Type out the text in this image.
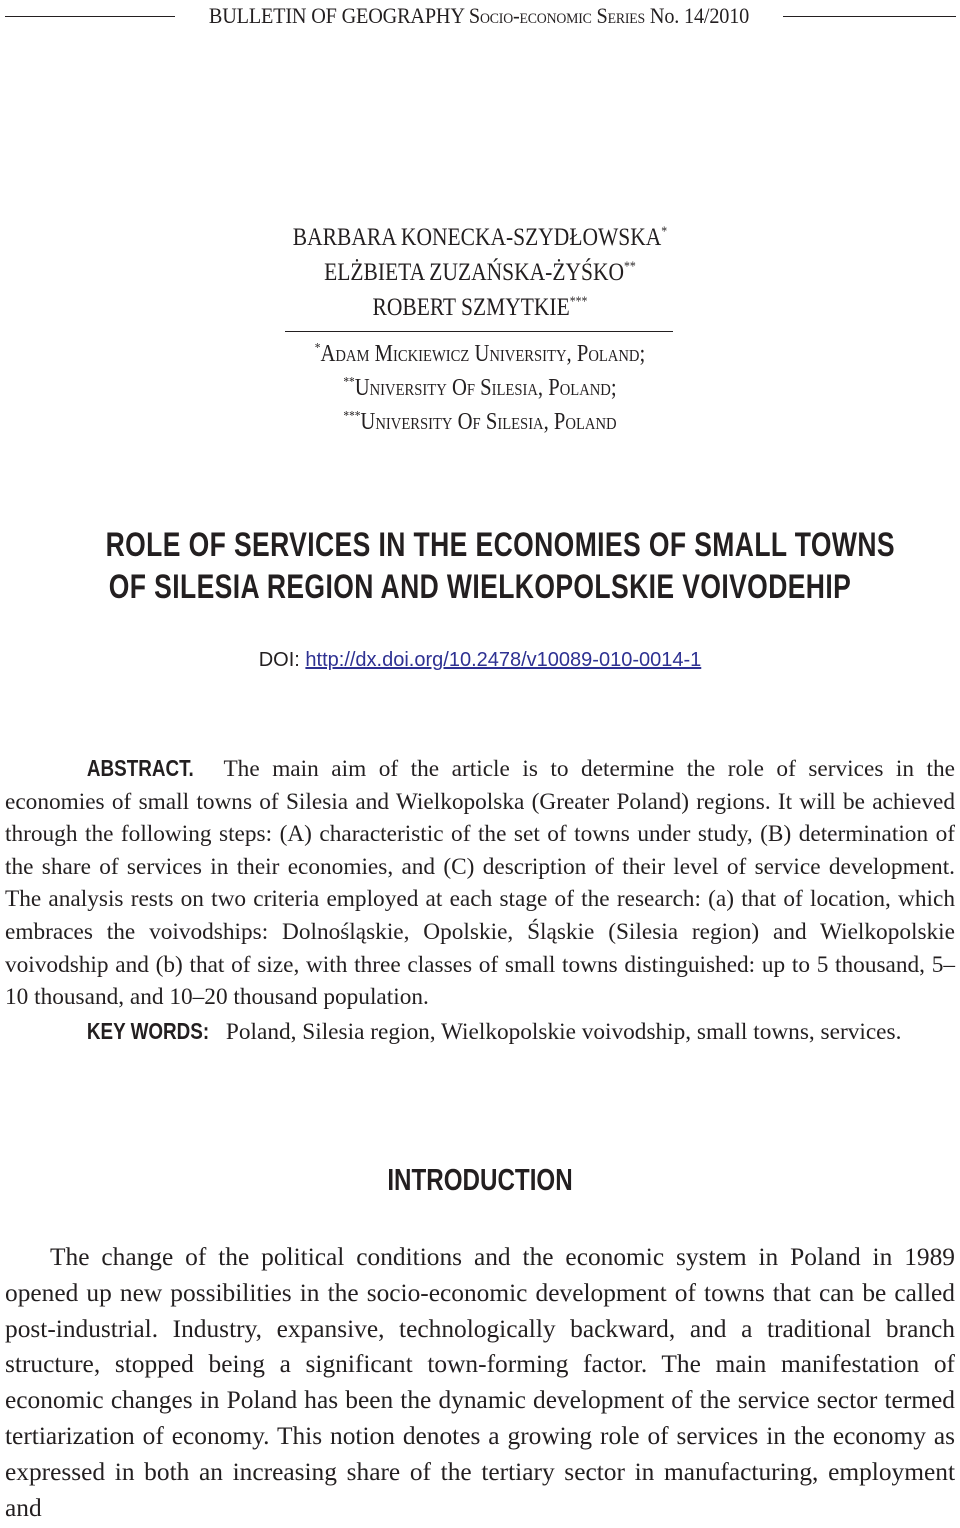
BULLETIN OF GEOGRAPHY Socio-economic Series No. 14/2010
BARBARA KONECKA-SZYDŁOWSKA*
ELŻBIETA ZUZAŃSKA-ŻYŚKO**
ROBERT SZMYTKIE***
*Adam Mickiewicz University, Poland;
**University Of Silesia, Poland;
***University Of Silesia, Poland
ROLE OF SERVICES IN THE ECONOMIES OF SMALL TOWNS
OF SILESIA REGION AND WIELKOPOLSKIE VOIVODEHIP
DOI: http://dx.doi.org/10.2478/v10089-010-0014-1

ABSTRACT. The main aim of the article is to determine the role of services in the economies of small towns of Silesia and Wielkopolska (Greater Poland) regions. It will be achieved through the following steps: (A) characteristic of the set of towns under study, (B) determination of the share of services in their economies, and (C) description of their level of service development. The analysis rests on two criteria employed at each stage of the research: (a) that of location, which embraces the voivodships: Dolnośląskie, Opolskie, Śląskie (Silesia region) and Wielkopolskie voivodship and (b) that of size, with three classes of small towns distinguished: up to 5 thousand, 5–10 thousand, and 10–20 thousand population.

KEY WORDS: Poland, Silesia region, Wielkopolskie voivodship, small towns, services.

INTRODUCTION

The change of the political conditions and the economic system in Poland in 1989 opened up new possibilities in the socio-economic development of towns that can be called post-industrial. Industry, expansive, technologically backward, and a traditional branch structure, stopped being a significant town-forming factor. The main manifestation of economic changes in Poland has been the dynamic development of the service sector termed tertiarization of economy. This notion denotes a growing role of services in the economy as expressed in both an increasing share of the tertiary sector in manufacturing, employment and
